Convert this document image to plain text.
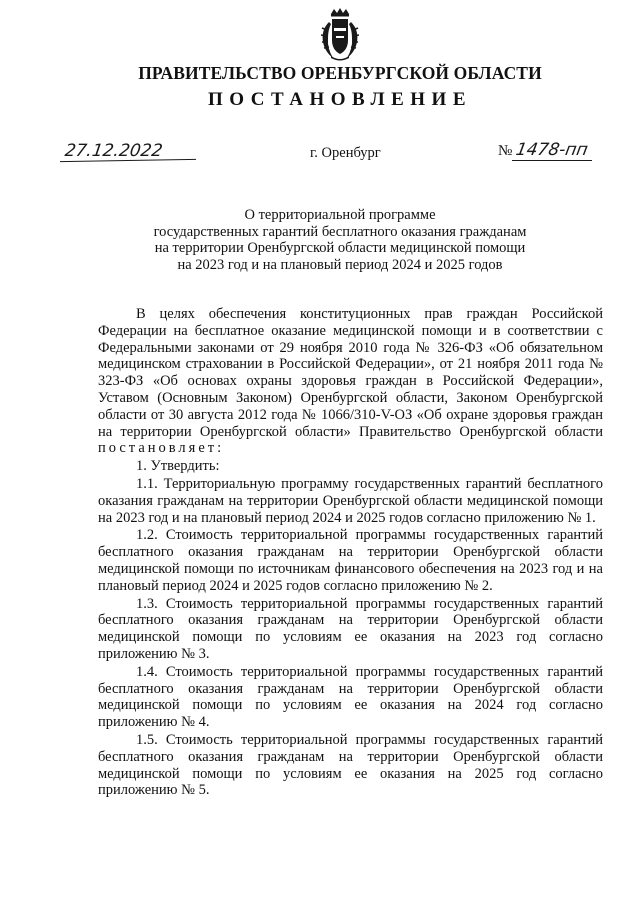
ПРАВИТЕЛЬСТВО ОРЕНБУРГСКОЙ ОБЛАСТИ
ПОСТАНОВЛЕНИЕ
27.12.2022	г. Оренбург	№ 1478-пп
О территориальной программе
государственных гарантий бесплатного оказания гражданам
на территории Оренбургской области медицинской помощи
на 2023 год и на плановый период 2024 и 2025 годов

В целях обеспечения конституционных прав граждан Российской Федерации на бесплатное оказание медицинской помощи и в соответствии с Федеральными законами от 29 ноября 2010 года № 326-ФЗ «Об обязательном медицинском страховании в Российской Федерации», от 21 ноября 2011 года № 323-ФЗ «Об основах охраны здоровья граждан в Российской Федерации», Уставом (Основным Законом) Оренбургской области, Законом Оренбургской области от 30 августа 2012 года № 1066/310-V-ОЗ «Об охране здоровья граждан на территории Оренбургской области» Правительство Оренбургской области постановляет:

1. Утвердить:

1.1. Территориальную программу государственных гарантий бесплатного оказания гражданам на территории Оренбургской области медицинской помощи на 2023 год и на плановый период 2024 и 2025 годов согласно приложению № 1.

1.2. Стоимость территориальной программы государственных гарантий бесплатного оказания гражданам на территории Оренбургской области медицинской помощи по источникам финансового обеспечения на 2023 год и на плановый период 2024 и 2025 годов согласно приложению № 2.

1.3. Стоимость территориальной программы государственных гарантий бесплатного оказания гражданам на территории Оренбургской области медицинской помощи по условиям ее оказания на 2023 год согласно приложению № 3.

1.4. Стоимость территориальной программы государственных гарантий бесплатного оказания гражданам на территории Оренбургской области медицинской помощи по условиям ее оказания на 2024 год согласно приложению № 4.

1.5. Стоимость территориальной программы государственных гарантий бесплатного оказания гражданам на территории Оренбургской области медицинской помощи по условиям ее оказания на 2025 год согласно приложению № 5.
